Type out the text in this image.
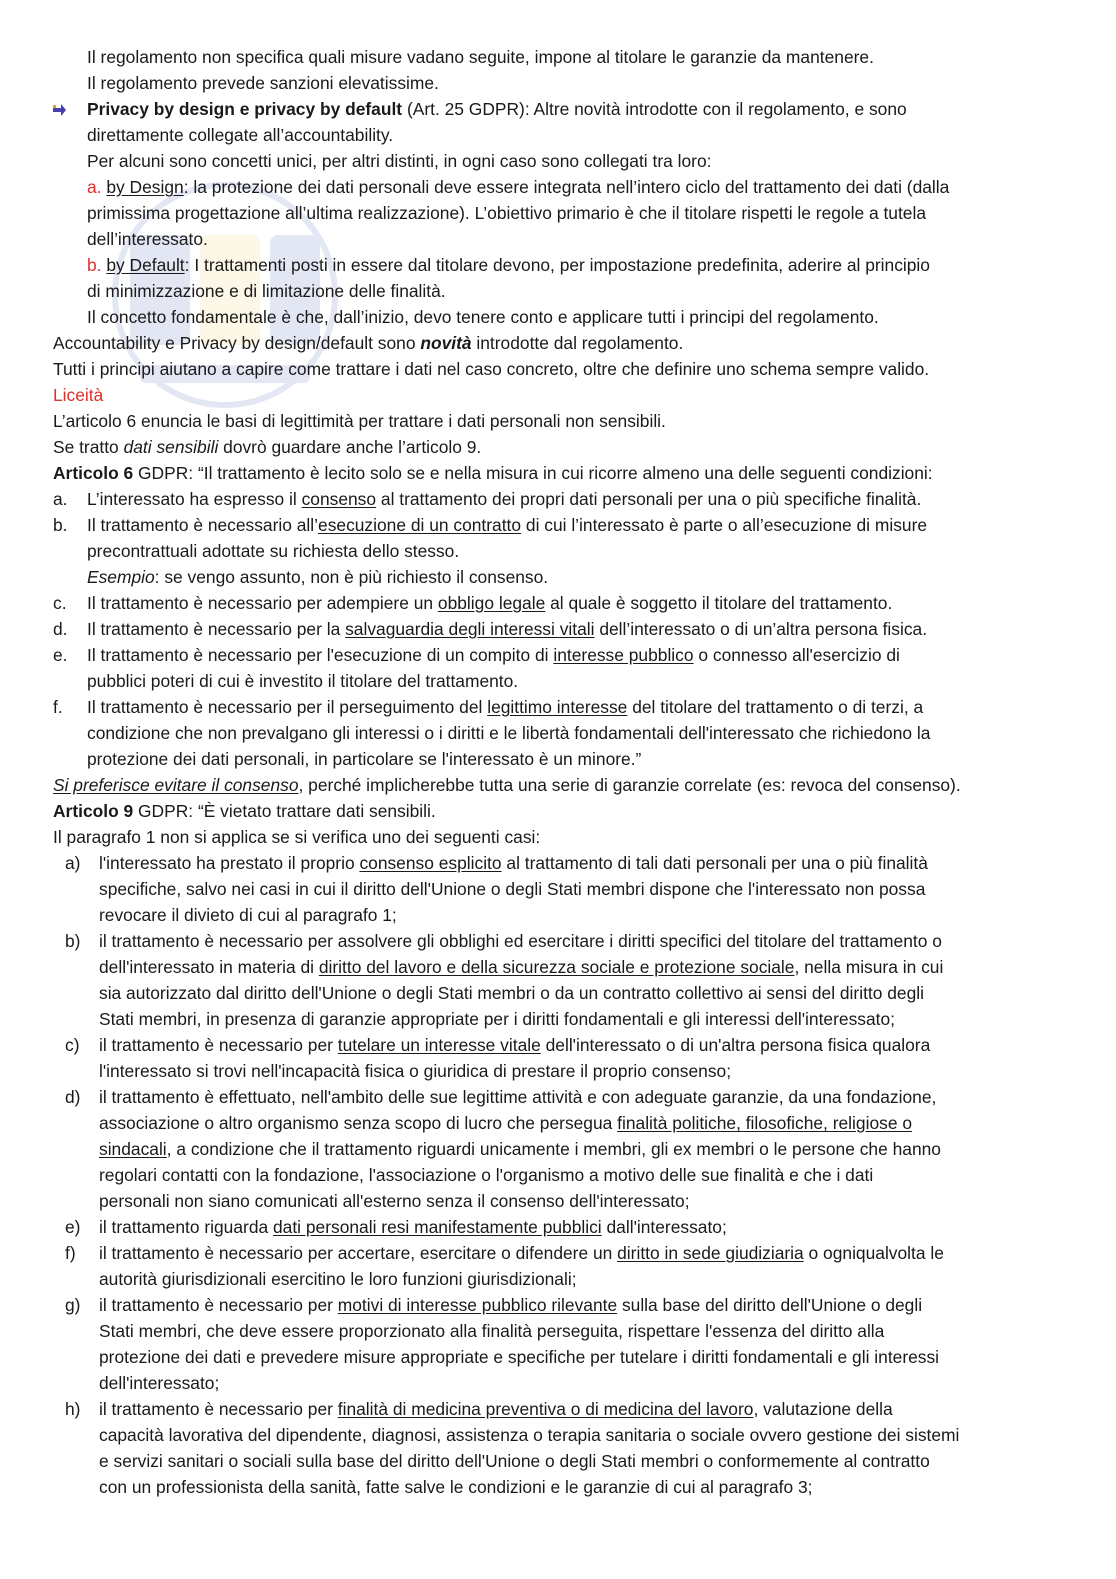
Il regolamento non specifica quali misure vadano seguite, impone al titolare le garanzie da mantenere.
Il regolamento prevede sanzioni elevatissime.
Privacy by design e privacy by default (Art. 25 GDPR): Altre novità introdotte con il regolamento, e sono
direttamente collegate all’accountability.
Per alcuni sono concetti unici, per altri distinti, in ogni caso sono collegati tra loro:
a. by Design: la protezione dei dati personali deve essere integrata nell’intero ciclo del trattamento dei dati (dalla
primissima progettazione all’ultima realizzazione). L’obiettivo primario è che il titolare rispetti le regole a tutela
dell’interessato.
b. by Default: I trattamenti posti in essere dal titolare devono, per impostazione predefinita, aderire al principio
di minimizzazione e di limitazione delle finalità.
Il concetto fondamentale è che, dall’inizio, devo tenere conto e applicare tutti i principi del regolamento.
Accountability e Privacy by design/default sono novità introdotte dal regolamento.
Tutti i principi aiutano a capire come trattare i dati nel caso concreto, oltre che definire uno schema sempre valido.
Liceità
L’articolo 6 enuncia le basi di legittimità per trattare i dati personali non sensibili.
Se tratto dati sensibili dovrò guardare anche l’articolo 9.
Articolo 6 GDPR: “Il trattamento è lecito solo se e nella misura in cui ricorre almeno una delle seguenti condizioni:
a. L’interessato ha espresso il consenso al trattamento dei propri dati personali per una o più specifiche finalità.
b. Il trattamento è necessario all’esecuzione di un contratto di cui l’interessato è parte o all’esecuzione di misure
precontrattuali adottate su richiesta dello stesso.
Esempio: se vengo assunto, non è più richiesto il consenso.
c. Il trattamento è necessario per adempiere un obbligo legale al quale è soggetto il titolare del trattamento.
d. Il trattamento è necessario per la salvaguardia degli interessi vitali dell’interessato o di un’altra persona fisica.
e. Il trattamento è necessario per l'esecuzione di un compito di interesse pubblico o connesso all'esercizio di
pubblici poteri di cui è investito il titolare del trattamento.
f. Il trattamento è necessario per il perseguimento del legittimo interesse del titolare del trattamento o di terzi, a
condizione che non prevalgano gli interessi o i diritti e le libertà fondamentali dell'interessato che richiedono la
protezione dei dati personali, in particolare se l'interessato è un minore.”
Si preferisce evitare il consenso, perché implicherebbe tutta una serie di garanzie correlate (es: revoca del consenso).
Articolo 9 GDPR: “È vietato trattare dati sensibili.
Il paragrafo 1 non si applica se si verifica uno dei seguenti casi:
a) l'interessato ha prestato il proprio consenso esplicito al trattamento di tali dati personali per una o più finalità
specifiche, salvo nei casi in cui il diritto dell'Unione o degli Stati membri dispone che l'interessato non possa
revocare il divieto di cui al paragrafo 1;
b) il trattamento è necessario per assolvere gli obblighi ed esercitare i diritti specifici del titolare del trattamento o
dell'interessato in materia di diritto del lavoro e della sicurezza sociale e protezione sociale, nella misura in cui
sia autorizzato dal diritto dell'Unione o degli Stati membri o da un contratto collettivo ai sensi del diritto degli
Stati membri, in presenza di garanzie appropriate per i diritti fondamentali e gli interessi dell'interessato;
c) il trattamento è necessario per tutelare un interesse vitale dell'interessato o di un'altra persona fisica qualora
l'interessato si trovi nell'incapacità fisica o giuridica di prestare il proprio consenso;
d) il trattamento è effettuato, nell'ambito delle sue legittime attività e con adeguate garanzie, da una fondazione,
associazione o altro organismo senza scopo di lucro che persegua finalità politiche, filosofiche, religiose o
sindacali, a condizione che il trattamento riguardi unicamente i membri, gli ex membri o le persone che hanno
regolari contatti con la fondazione, l'associazione o l'organismo a motivo delle sue finalità e che i dati
personali non siano comunicati all'esterno senza il consenso dell'interessato;
e) il trattamento riguarda dati personali resi manifestamente pubblici dall'interessato;
f) il trattamento è necessario per accertare, esercitare o difendere un diritto in sede giudiziaria o ogniqualvolta le
autorità giurisdizionali esercitino le loro funzioni giurisdizionali;
g) il trattamento è necessario per motivi di interesse pubblico rilevante sulla base del diritto dell'Unione o degli
Stati membri, che deve essere proporzionato alla finalità perseguita, rispettare l'essenza del diritto alla
protezione dei dati e prevedere misure appropriate e specifiche per tutelare i diritti fondamentali e gli interessi
dell'interessato;
h) il trattamento è necessario per finalità di medicina preventiva o di medicina del lavoro, valutazione della
capacità lavorativa del dipendente, diagnosi, assistenza o terapia sanitaria o sociale ovvero gestione dei sistemi
e servizi sanitari o sociali sulla base del diritto dell'Unione o degli Stati membri o conformemente al contratto
con un professionista della sanità, fatte salve le condizioni e le garanzie di cui al paragrafo 3;
